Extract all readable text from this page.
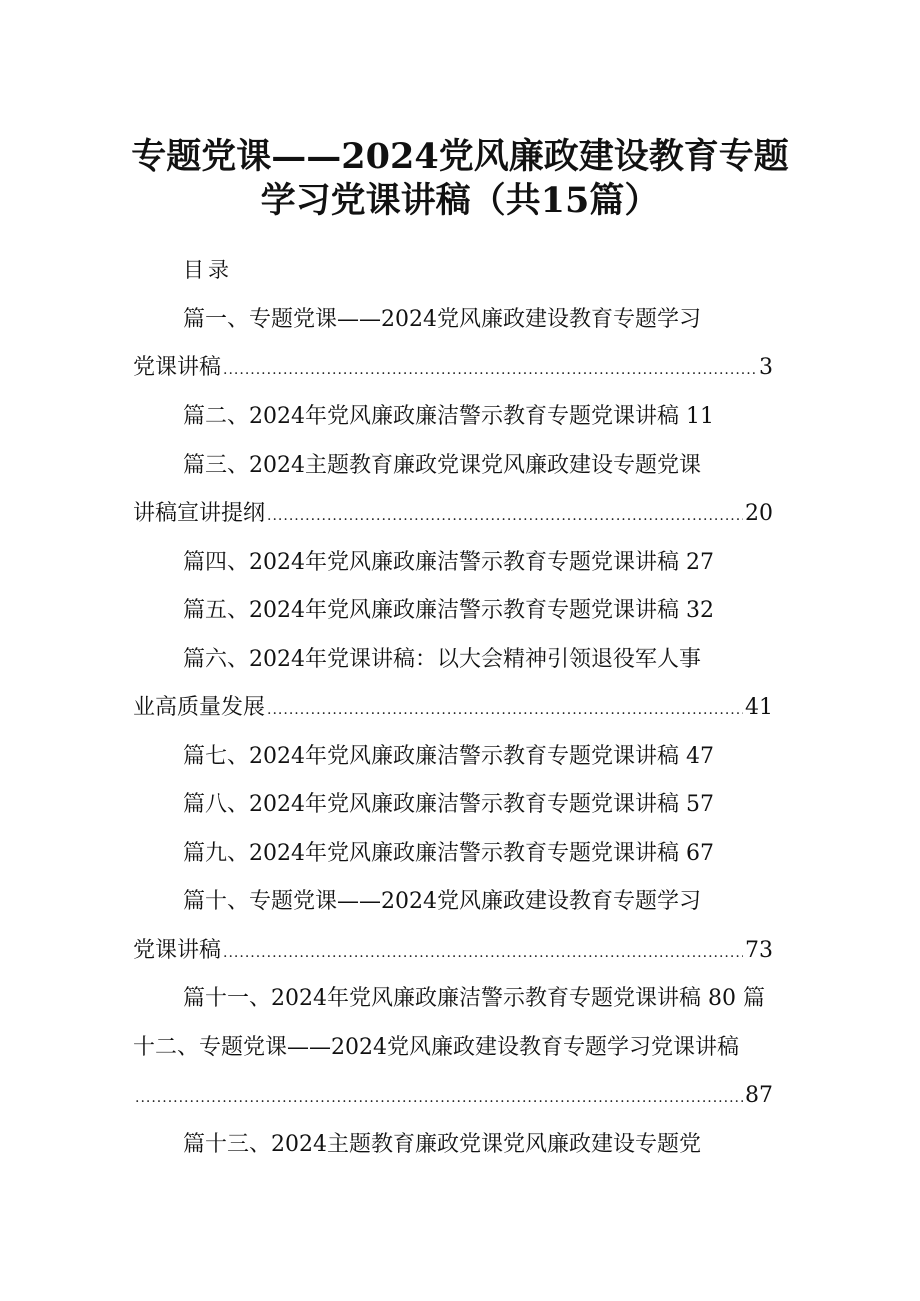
专题党课——2024党风廉政建设教育专题
学习党课讲稿（共15篇）
目录
篇一、专题党课——2024党风廉政建设教育专题学习
党课讲稿 .....	3
篇二、2024年党风廉政廉洁警示教育专题党课讲稿 11
篇三、2024主题教育廉政党课党风廉政建设专题党课
讲稿宣讲提纲 .....	20
篇四、2024年党风廉政廉洁警示教育专题党课讲稿 27
篇五、2024年党风廉政廉洁警示教育专题党课讲稿 32
篇六、2024年党课讲稿：以大会精神引领退役军人事
业高质量发展 .....	41
篇七、2024年党风廉政廉洁警示教育专题党课讲稿 47
篇八、2024年党风廉政廉洁警示教育专题党课讲稿 57
篇九、2024年党风廉政廉洁警示教育专题党课讲稿 67
篇十、专题党课——2024党风廉政建设教育专题学习
党课讲稿 .....	73
篇十一、2024年党风廉政廉洁警示教育专题党课讲稿 80 篇
十二、专题党课——2024党风廉政建设教育专题学习党课讲稿
.....
87
篇十三、2024主题教育廉政党课党风廉政建设专题党
